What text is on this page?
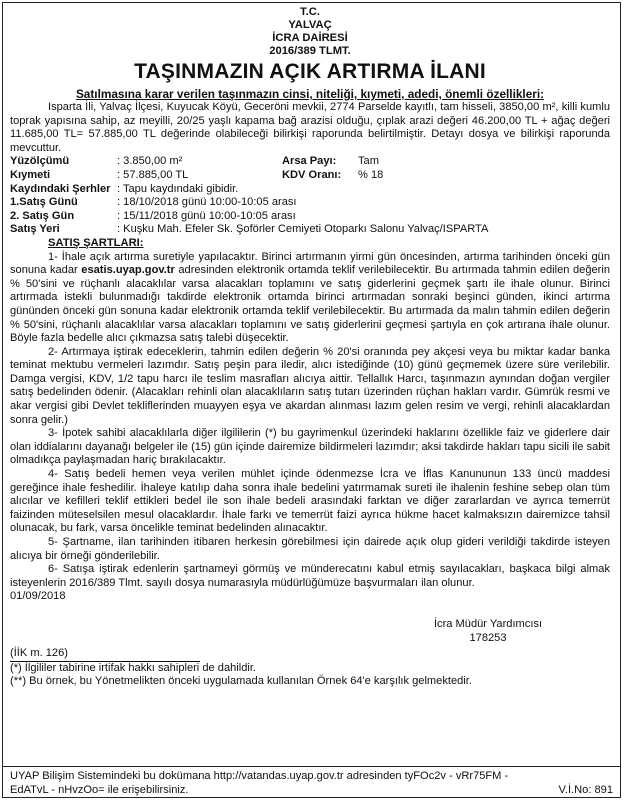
T.C.
YALVAÇ
İCRA DAİRESİ
2016/389 TLMT.
TAŞINMAZIN AÇIK ARTIRMA İLANI
Satılmasına karar verilen taşınmazın cinsi, niteliği, kıymeti, adedi, önemli özellikleri:

Isparta İli, Yalvaç İlçesi, Kuyucak Köyü, Geceröni mevkii, 2774 Parselde kayıtlı, tam hisseli, 3850,00 m², killi kumlu toprak yapısına sahip, az meyilli, 20/25 yaşlı kapama bağ arazisi olduğu, çıplak arazi değeri 46.200,00 TL + ağaç değeri 11.685,00 TL= 57.885,00 TL değerinde olabileceği bilirkişi raporunda belirtilmiştir. Detayı dosya ve bilirkişi raporunda mevcuttur.

Yüzölçümü	: 3.850,00 m²	Arsa Payı:	Tam
Kıymeti	: 57.885,00 TL	KDV Oranı:	% 18
Kaydındaki Şerhler : Tapu kaydındaki gibidir.
1.Satış Günü	: 18/10/2018 günü 10:00-10:05 arası
2. Satış Gün	: 15/11/2018 günü 10:00-10:05 arası
Satış Yeri	: Kuşku Mah. Efeler Sk. Şoförler Cemiyeti Otoparkı Salonu Yalvaç/ISPARTA
SATIŞ ŞARTLARI:

1- İhale açık artırma suretiyle yapılacaktır. Birinci artırmanın yirmi gün öncesinden, artırma tarihinden önceki gün sonuna kadar esatis.uyap.gov.tr adresinden elektronik ortamda teklif verilebilecektir. Bu artırmada tahmin edilen değerin % 50'sini ve rüçhanlı alacaklılar varsa alacakları toplamını ve satış giderlerini geçmek şartı ile ihale olunur. Birinci artırmada istekli bulunmadığı takdirde elektronik ortamda birinci artırmadan sonraki beşinci günden, ikinci artırma gününden önceki gün sonuna kadar elektronik ortamda teklif verilebilecektir. Bu artırmada da malın tahmin edilen değerin % 50'sini, rüçhanlı alacaklılar varsa alacakları toplamını ve satış giderlerini geçmesi şartıyla en çok artırana ihale olunur. Böyle fazla bedelle alıcı çıkmazsa satış talebi düşecektir.

2- Artırmaya iştirak edeceklerin, tahmin edilen değerin % 20'si oranında pey akçesi veya bu miktar kadar banka teminat mektubu vermeleri lazımdır. Satış peşin para iledir, alıcı istediğinde (10) günü geçmemek üzere süre verilebilir. Damga vergisi, KDV, 1/2 tapu harcı ile teslim masrafları alıcıya aittir. Tellallık Harcı, taşınmazın aynından doğan vergiler satış bedelinden ödenir. (Alacakları rehinli olan alacaklıların satış tutarı üzerinden rüçhan hakları vardır. Gümrük resmi ve akar vergisi gibi Devlet tekliflerinden muayyen eşya ve akardan alınması lazım gelen resim ve vergi, rehinli alacaklardan sonra gelir.)

3- İpotek sahibi alacaklılarla diğer ilgililerin (*) bu gayrimenkul üzerindeki haklarını özellikle faiz ve giderlere dair olan iddialarını dayanağı belgeler ile (15) gün içinde dairemize bildirmeleri lazımdır; aksi takdirde hakları tapu sicili ile sabit olmadıkça paylaşmadan hariç bırakılacaktır.

4- Satış bedeli hemen veya verilen mühlet içinde ödenmezse İcra ve İflas Kanununun 133 üncü maddesi gereğince ihale feshedilir. İhaleye katılıp daha sonra ihale bedelini yatırmamak sureti ile ihalenin feshine sebep olan tüm alıcılar ve kefilleri teklif ettikleri bedel ile son ihale bedeli arasındaki farktan ve diğer zararlardan ve ayrıca temerrüt faizinden müteselsilen mesul olacaklardır. İhale farkı ve temerrüt faizi ayrıca hükme hacet kalmaksızın dairemizce tahsil olunacak, bu fark, varsa öncelikle teminat bedelinden alınacaktır.

5- Şartname, ilan tarihinden itibaren herkesin görebilmesi için dairede açık olup gideri verildiği takdirde isteyen alıcıya bir örneği gönderilebilir.

6- Satışa iştirak edenlerin şartnameyi görmüş ve münderecatını kabul etmiş sayılacakları, başkaca bilgi almak isteyenlerin 2016/389 Tlmt. sayılı dosya numarasıyla müdürlüğümüze başvurmaları ilan olunur.

01/09/2018
İcra Müdür Yardımcısı
178253
(İİK m. 126)
(*) İlgililer tabirine irtifak hakkı sahipleri de dahildir.
(**) Bu örnek, bu Yönetmelikten önceki uygulamada kullanılan Örnek 64'e karşılık gelmektedir.
UYAP Bilişim Sistemindeki bu dokümana http://vatandas.uyap.gov.tr adresinden tyFOc2v - vRr75FM -
V.İ.No: 891
EdATvL - nHvzOo= ile erişebilirsiniz.
